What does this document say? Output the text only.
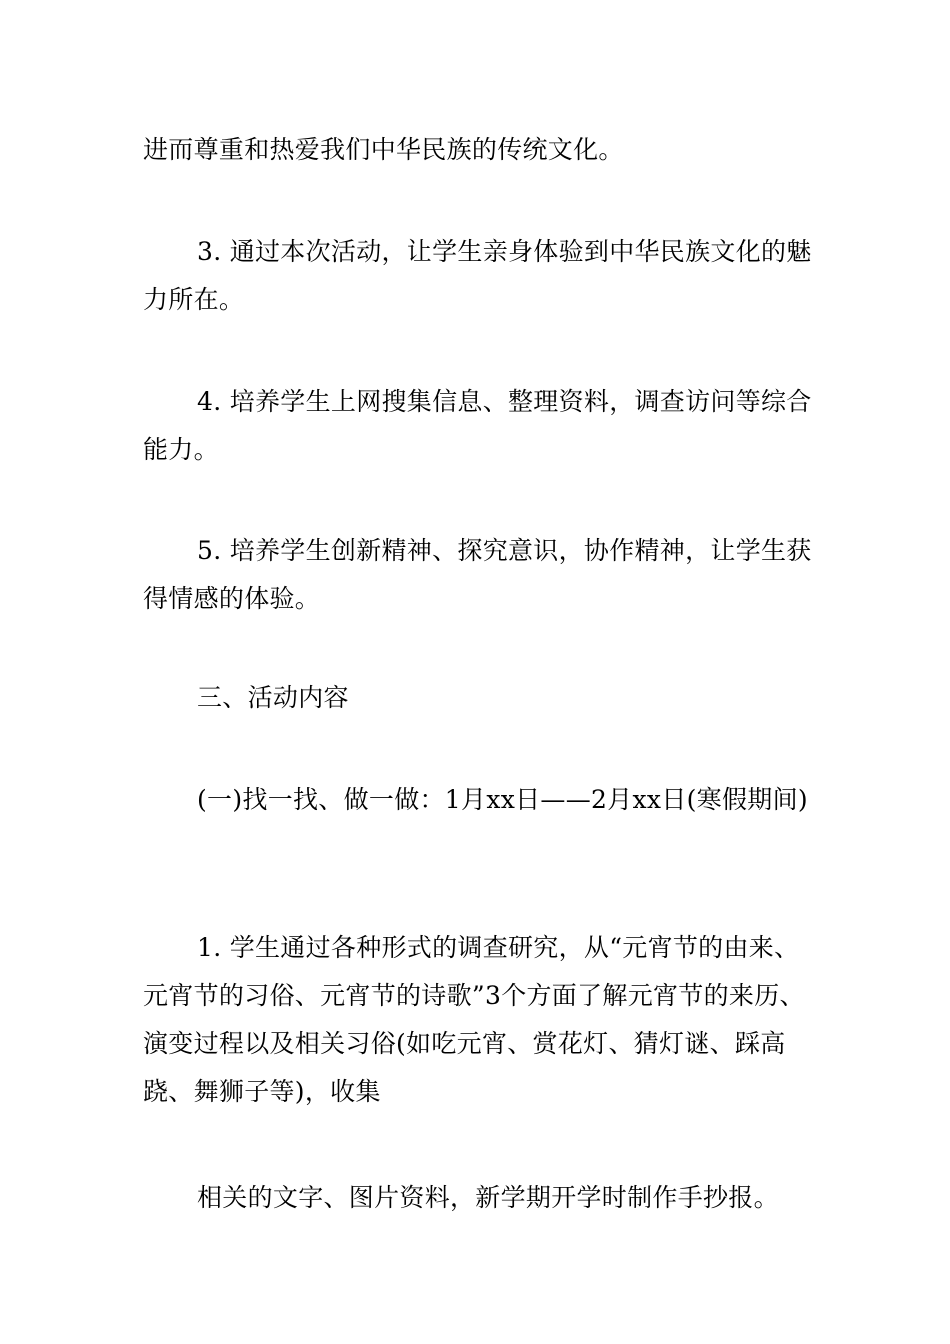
进而尊重和热爱我们中华民族的传统文化。

3. 通过本次活动，让学生亲身体验到中华民族文化的魅力所在。

4. 培养学生上网搜集信息、整理资料，调查访问等综合能力。

5. 培养学生创新精神、探究意识，协作精神，让学生获得情感的体验。

三、活动内容

(一)找一找、做一做：1月xx日——2月xx日(寒假期间)

1. 学生通过各种形式的调查研究，从“元宵节的由来、元宵节的习俗、元宵节的诗歌”3个方面了解元宵节的来历、演变过程以及相关习俗(如吃元宵、赏花灯、猜灯谜、踩高跷、舞狮子等)，收集

相关的文字、图片资料，新学期开学时制作手抄报。
